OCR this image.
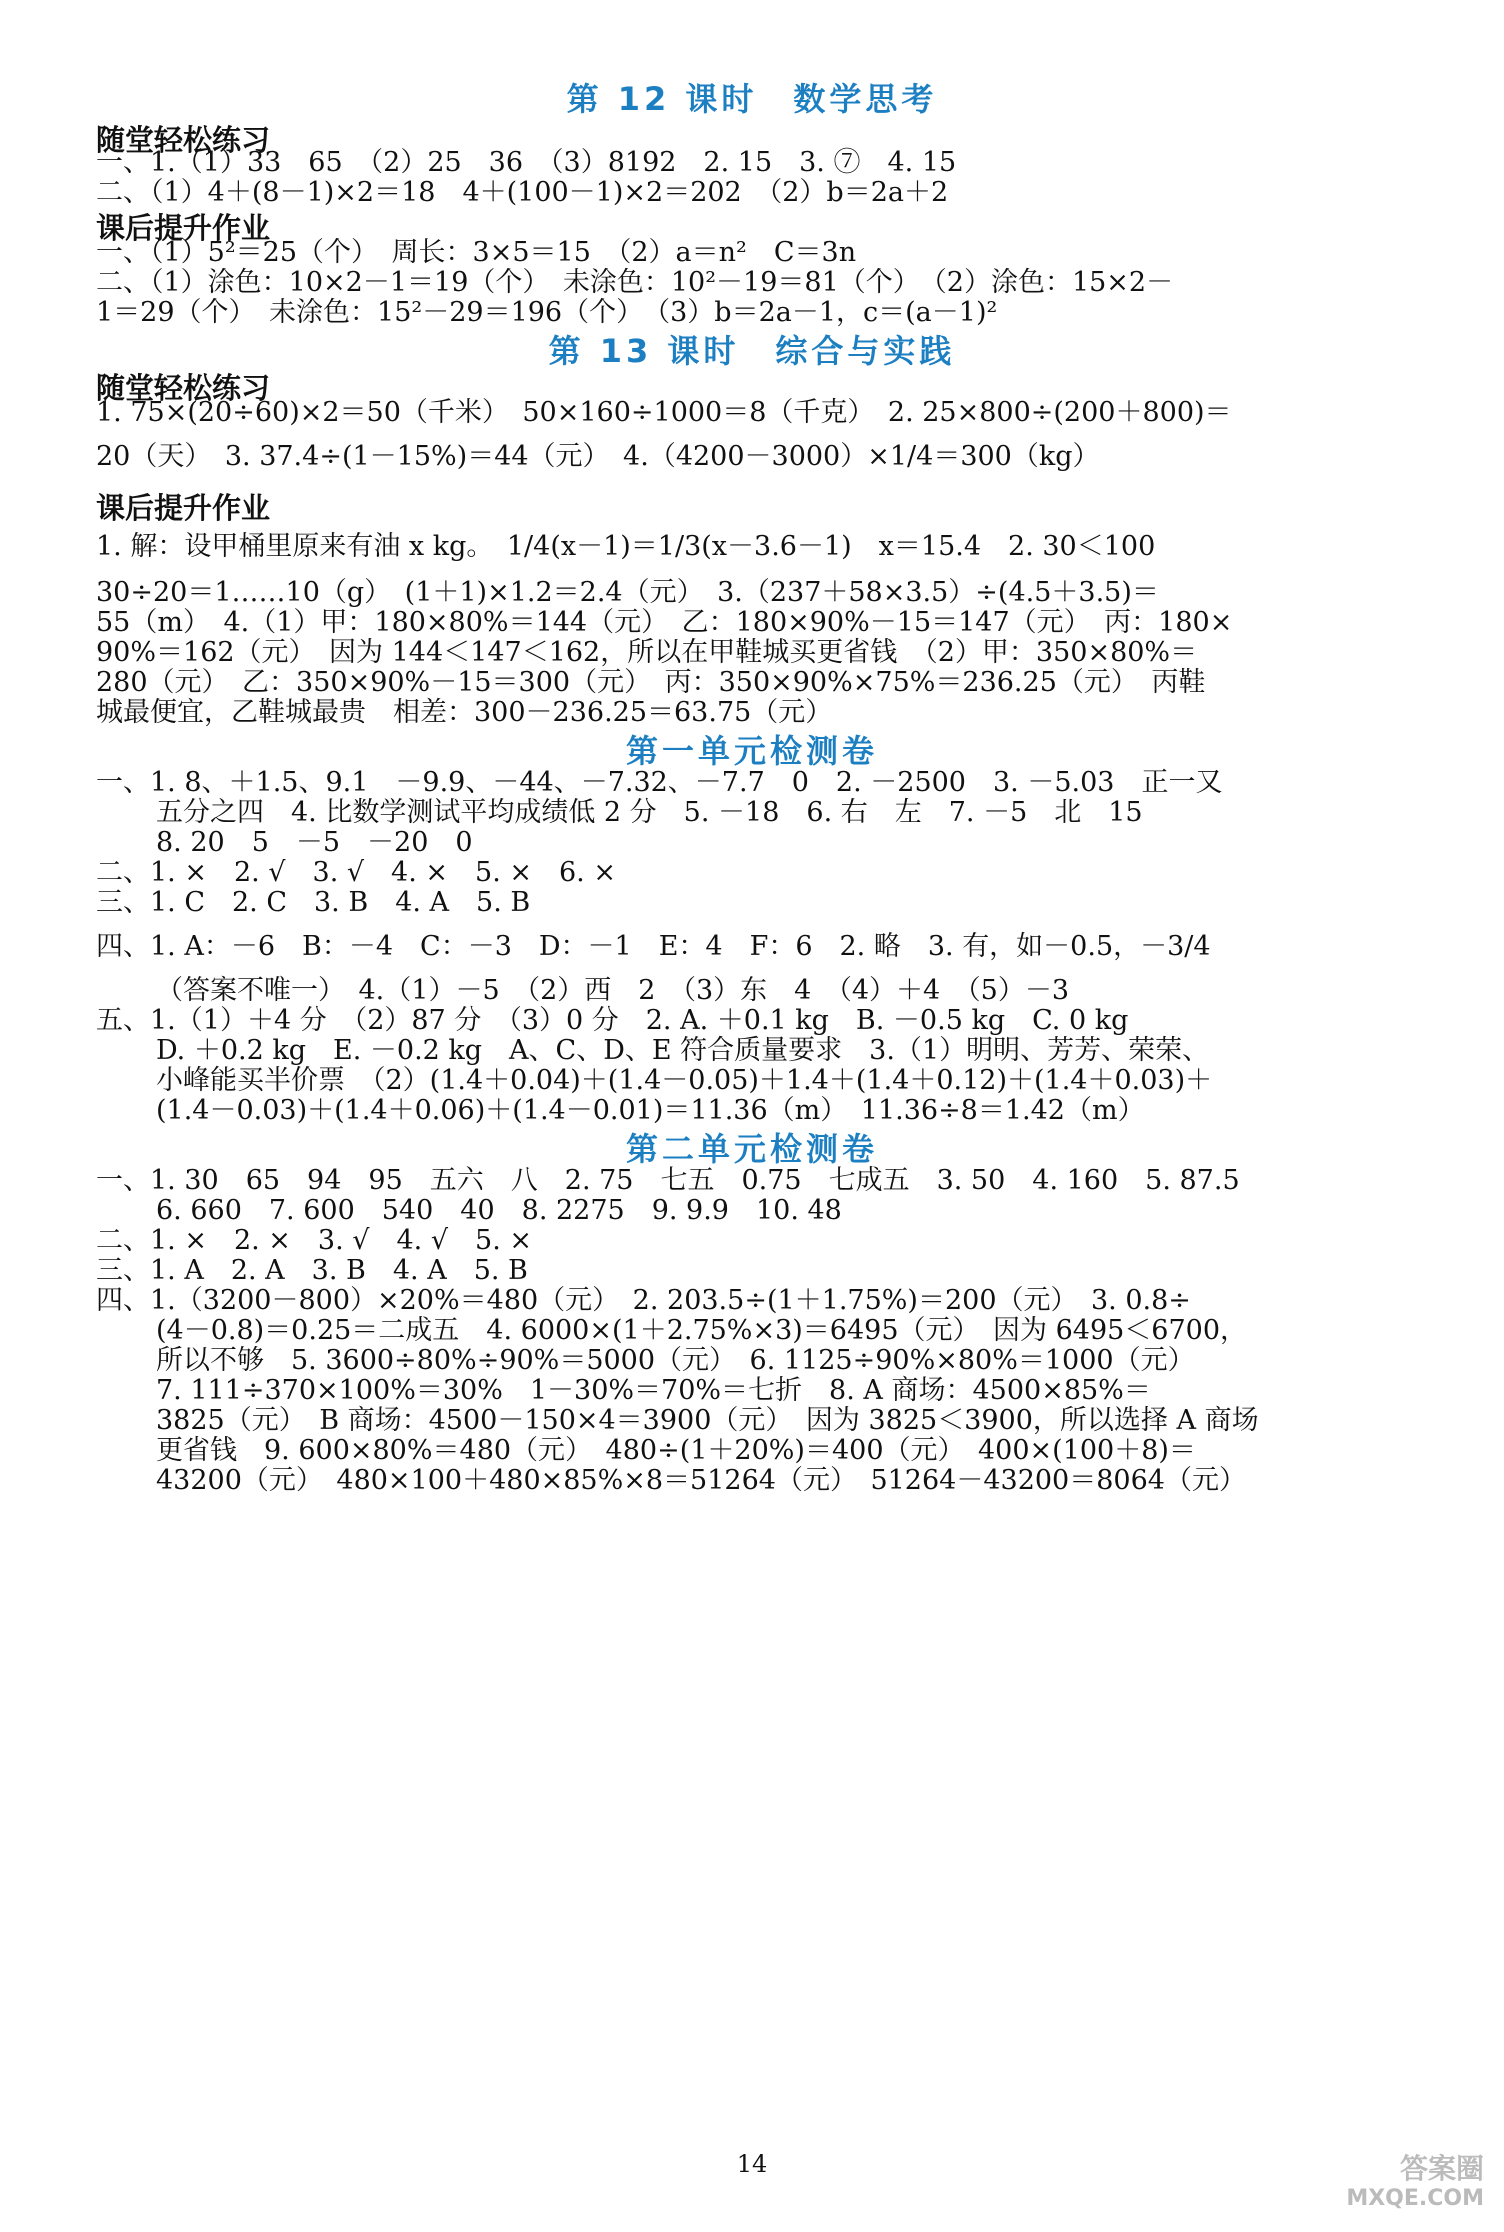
第 12 课时　数学思考
随堂轻松练习
一、1.（1）33　65　（2）25　36　（3）8192　2. 15　3. ⑦　4. 15
二、（1）4＋(8－1)×2＝18　4＋(100－1)×2＝202　（2）b＝2a＋2
课后提升作业
一、（1）5²＝25（个）　周长：3×5＝15　（2）a＝n²　C＝3n
二、（1）涂色：10×2－1＝19（个）　未涂色：10²－19＝81（个）　（2）涂色：15×2－
1＝29（个）　未涂色：15²－29＝196（个）　（3）b＝2a－1，c＝(a－1)²
第 13 课时　综合与实践
随堂轻松练习
1. 75×(20÷60)×2＝50（千米）　50×160÷1000＝8（千克）　2. 25×800÷(200＋800)＝
20（天）　3. 37.4÷(1－15%)＝44（元）　4.（4200－3000）×1/4＝300（kg）
课后提升作业
1. 解：设甲桶里原来有油 x kg。　1/4(x－1)＝1/3(x－3.6－1)　x＝15.4　2. 30＜100
30÷20＝1……10（g）　(1＋1)×1.2＝2.4（元）　3.（237＋58×3.5）÷(4.5＋3.5)＝
55（m）　4.（1）甲：180×80%＝144（元）　乙：180×90%－15＝147（元）　丙：180×
90%＝162（元）　因为 144＜147＜162，所以在甲鞋城买更省钱　（2）甲：350×80%＝
280（元）　乙：350×90%－15＝300（元）　丙：350×90%×75%＝236.25（元）　丙鞋
城最便宜，乙鞋城最贵　相差：300－236.25＝63.75（元）
第一单元检测卷
一、1. 8、＋1.5、9.1　－9.9、－44、－7.32、－7.7　0　2. －2500　3. －5.03　正一又
五分之四　4. 比数学测试平均成绩低 2 分　5. －18　6. 右　左　7. －5　北　15
8. 20　5　－5　－20　0
二、1. ×　2. √　3. √　4. ×　5. ×　6. ×
三、1. C　2. C　3. B　4. A　5. B
四、1. A：－6　B：－4　C：－3　D：－1　E：4　F：6　2. 略　3. 有，如－0.5，－3/4
（答案不唯一）　4.（1）－5　（2）西　2　（3）东　4　（4）＋4　（5）－3
五、1.（1）＋4 分　（2）87 分　（3）0 分　2. A. ＋0.1 kg　B. －0.5 kg　C. 0 kg
D. ＋0.2 kg　E. －0.2 kg　A、C、D、E 符合质量要求　3.（1）明明、芳芳、荣荣、
小峰能买半价票　（2）(1.4＋0.04)＋(1.4－0.05)＋1.4＋(1.4＋0.12)＋(1.4＋0.03)＋
(1.4－0.03)＋(1.4＋0.06)＋(1.4－0.01)＝11.36（m）　11.36÷8＝1.42（m）
第二单元检测卷
一、1. 30　65　94　95　五六　八　2. 75　七五　0.75　七成五　3. 50　4. 160　5. 87.5
6. 660　7. 600　540　40　8. 2275　9. 9.9　10. 48
二、1. ×　2. ×　3. √　4. √　5. ×
三、1. A　2. A　3. B　4. A　5. B
四、1.（3200－800）×20%＝480（元）　2. 203.5÷(1＋1.75%)＝200（元）　3. 0.8÷
(4－0.8)＝0.25＝二成五　4. 6000×(1＋2.75%×3)＝6495（元）　因为 6495＜6700，
所以不够　5. 3600÷80%÷90%＝5000（元）　6. 1125÷90%×80%＝1000（元）
7. 111÷370×100%＝30%　1－30%＝70%＝七折　8. A 商场：4500×85%＝
3825（元）　B 商场：4500－150×4＝3900（元）　因为 3825＜3900，所以选择 A 商场
更省钱　9. 600×80%＝480（元）　480÷(1＋20%)＝400（元）　400×(100＋8)＝
43200（元）　480×100＋480×85%×8＝51264（元）　51264－43200＝8064（元）
14	答案圈
MXQE.COM
